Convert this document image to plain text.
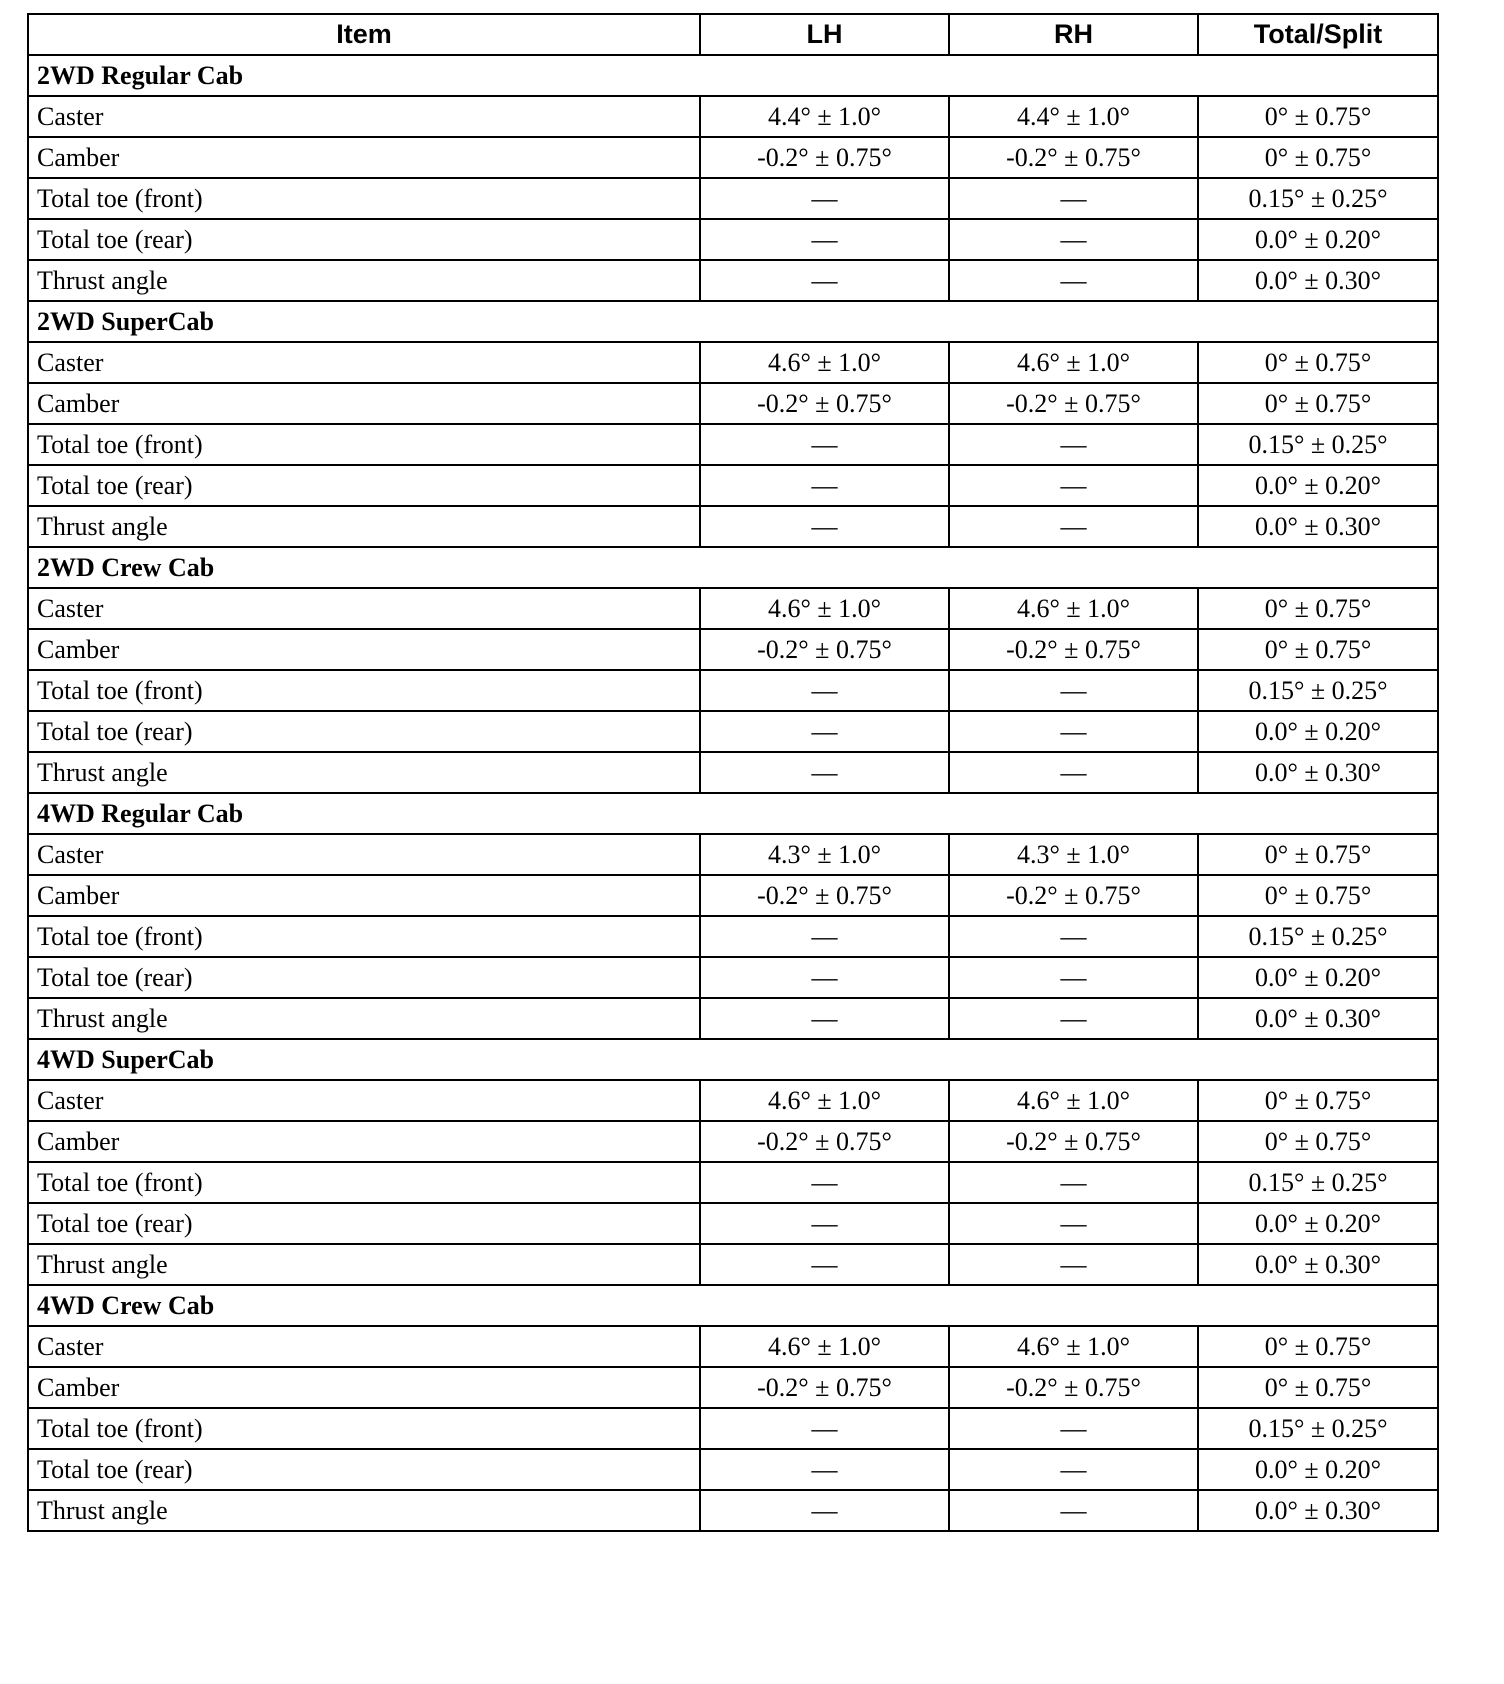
Item	LH	RH	Total/Split
2WD Regular Cab			
Caster	4.4° ± 1.0°	4.4° ± 1.0°	0° ± 0.75°
Camber	-0.2° ± 0.75°	-0.2° ± 0.75°	0° ± 0.75°
Total toe (front)	—	—	0.15° ± 0.25°
Total toe (rear)	—	—	0.0° ± 0.20°
Thrust angle	—	—	0.0° ± 0.30°
2WD SuperCab			
Caster	4.6° ± 1.0°	4.6° ± 1.0°	0° ± 0.75°
Camber	-0.2° ± 0.75°	-0.2° ± 0.75°	0° ± 0.75°
Total toe (front)	—	—	0.15° ± 0.25°
Total toe (rear)	—	—	0.0° ± 0.20°
Thrust angle	—	—	0.0° ± 0.30°
2WD Crew Cab			
Caster	4.6° ± 1.0°	4.6° ± 1.0°	0° ± 0.75°
Camber	-0.2° ± 0.75°	-0.2° ± 0.75°	0° ± 0.75°
Total toe (front)	—	—	0.15° ± 0.25°
Total toe (rear)	—	—	0.0° ± 0.20°
Thrust angle	—	—	0.0° ± 0.30°
4WD Regular Cab			
Caster	4.3° ± 1.0°	4.3° ± 1.0°	0° ± 0.75°
Camber	-0.2° ± 0.75°	-0.2° ± 0.75°	0° ± 0.75°
Total toe (front)	—	—	0.15° ± 0.25°
Total toe (rear)	—	—	0.0° ± 0.20°
Thrust angle	—	—	0.0° ± 0.30°
4WD SuperCab			
Caster	4.6° ± 1.0°	4.6° ± 1.0°	0° ± 0.75°
Camber	-0.2° ± 0.75°	-0.2° ± 0.75°	0° ± 0.75°
Total toe (front)	—	—	0.15° ± 0.25°
Total toe (rear)	—	—	0.0° ± 0.20°
Thrust angle	—	—	0.0° ± 0.30°
4WD Crew Cab			
Caster	4.6° ± 1.0°	4.6° ± 1.0°	0° ± 0.75°
Camber	-0.2° ± 0.75°	-0.2° ± 0.75°	0° ± 0.75°
Total toe (front)	—	—	0.15° ± 0.25°
Total toe (rear)	—	—	0.0° ± 0.20°
Thrust angle	—	—	0.0° ± 0.30°
